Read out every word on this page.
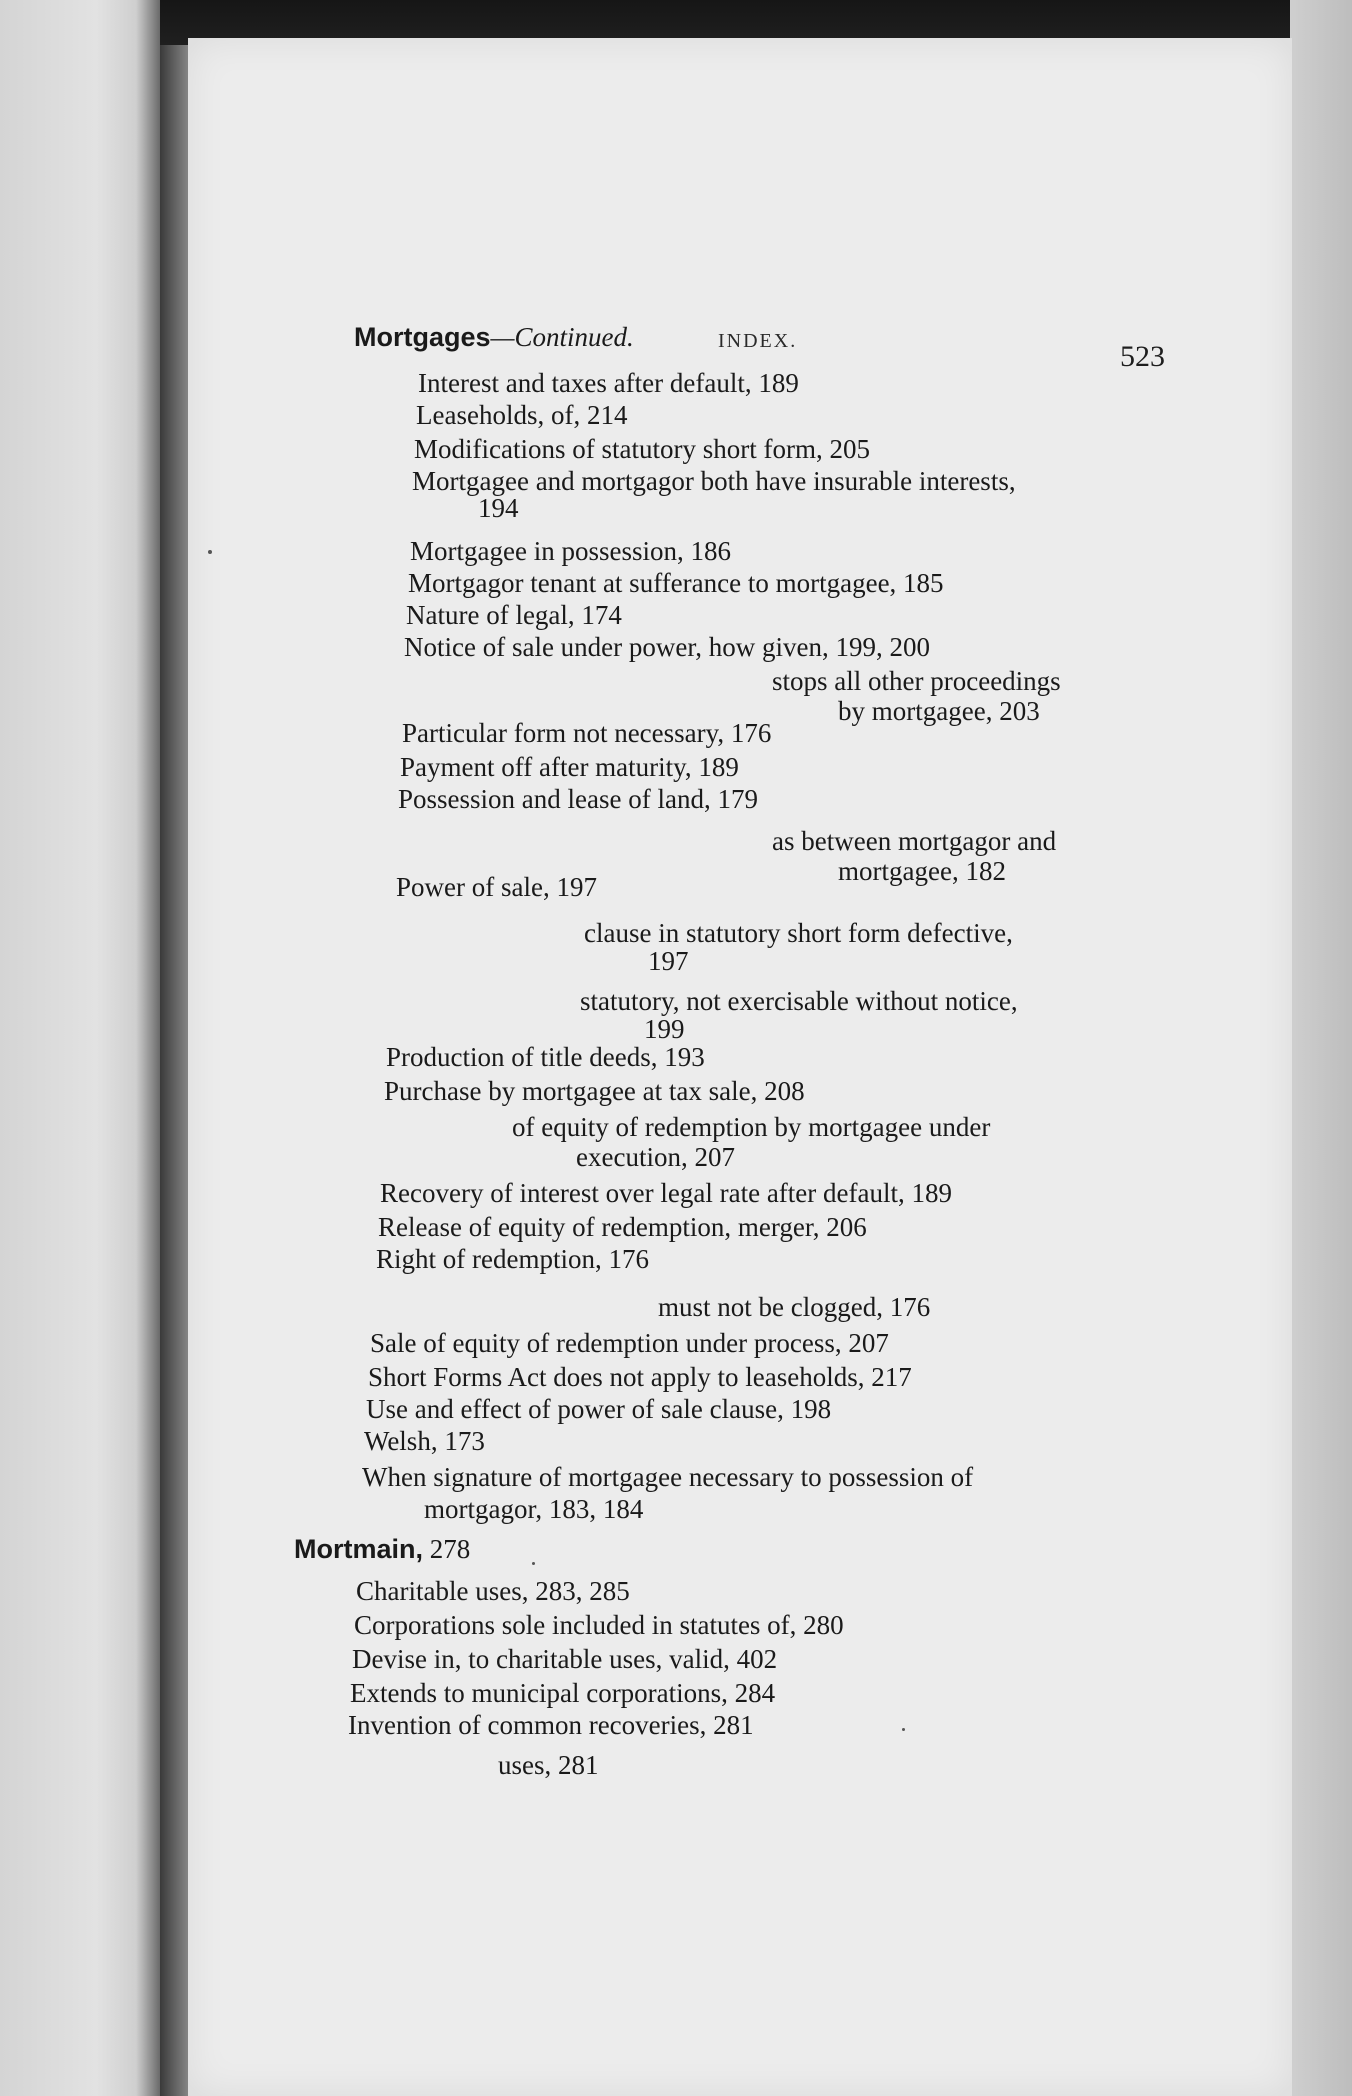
INDEX.	523
Mortgages—Continued.
Interest and taxes after default, 189
Leaseholds, of, 214
Modifications of statutory short form, 205
Mortgagee and mortgagor both have insurable interests,
194
Mortgagee in possession, 186
Mortgagor tenant at sufferance to mortgagee, 185
Nature of legal, 174
Notice of sale under power, how given, 199, 200
stops all other proceedings
by mortgagee, 203
Particular form not necessary, 176
Payment off after maturity, 189
Possession and lease of land, 179
as between mortgagor and
mortgagee, 182
Power of sale, 197
clause in statutory short form defective,
197
statutory, not exercisable without notice,
199
Production of title deeds, 193
Purchase by mortgagee at tax sale, 208
of equity of redemption by mortgagee under
execution, 207
Recovery of interest over legal rate after default, 189
Release of equity of redemption, merger, 206
Right of redemption, 176
must not be clogged, 176
Sale of equity of redemption under process, 207
Short Forms Act does not apply to leaseholds, 217
Use and effect of power of sale clause, 198
Welsh, 173
When signature of mortgagee necessary to possession of
mortgagor, 183, 184
Mortmain, 278
Charitable uses, 283, 285
Corporations sole included in statutes of, 280
Devise in, to charitable uses, valid, 402
Extends to municipal corporations, 284
Invention of common recoveries, 281
uses, 281
